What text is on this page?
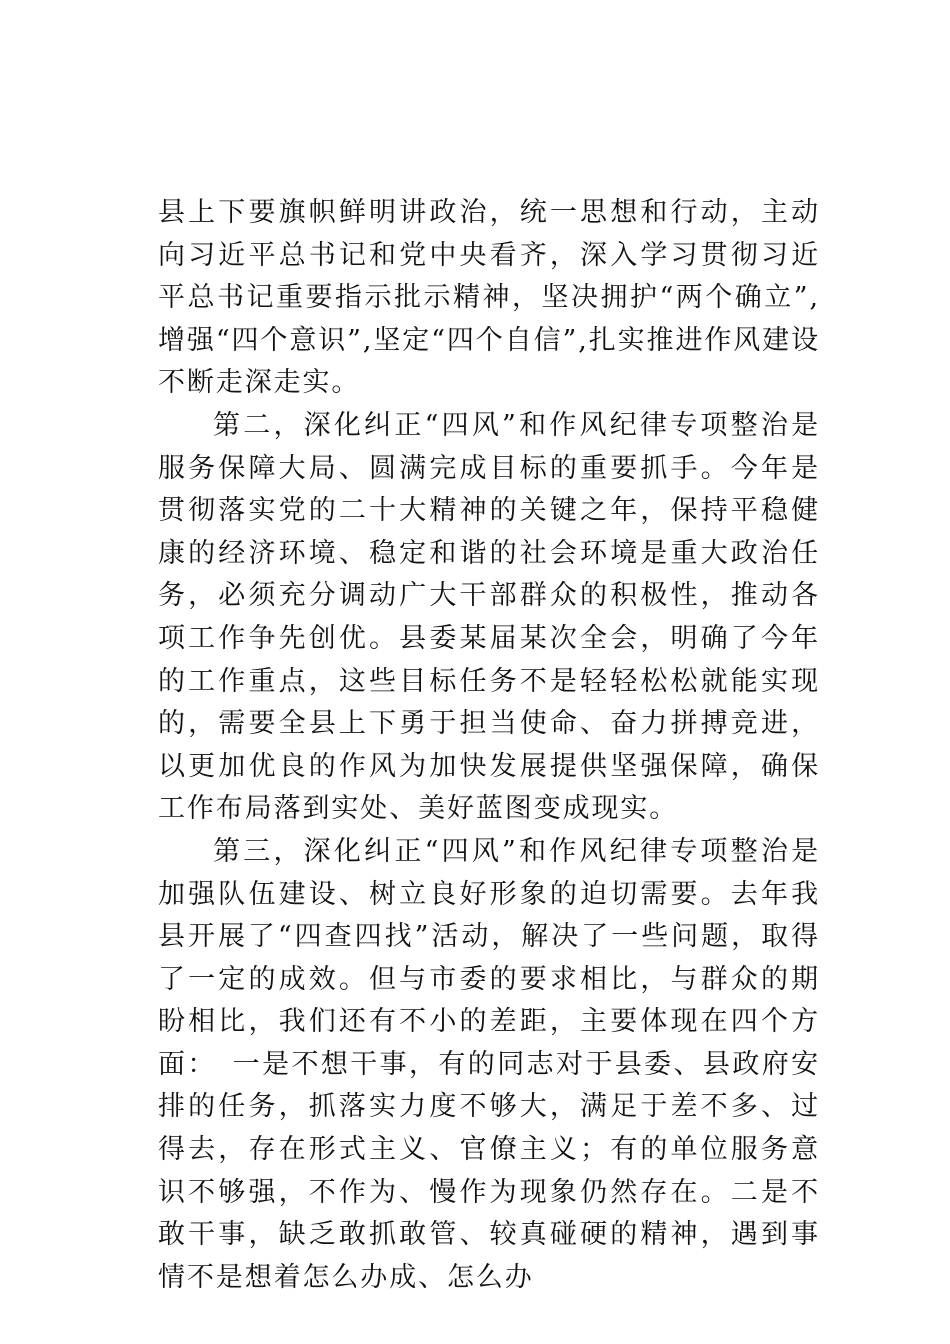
县上下要旗帜鲜明讲政治，统一思想和行动，主动向习近平总书记和党中央看齐，深入学习贯彻习近平总书记重要指示批示精神，坚决拥护“两个确立”,增强“四个意识”,坚定“四个自信”,扎实推进作风建设不断走深走实。

第二，深化纠正“四风”和作风纪律专项整治是服务保障大局、圆满完成目标的重要抓手。今年是贯彻落实党的二十大精神的关键之年，保持平稳健康的经济环境、稳定和谐的社会环境是重大政治任务，必须充分调动广大干部群众的积极性，推动各项工作争先创优。县委某届某次全会，明确了今年的工作重点，这些目标任务不是轻轻松松就能实现的，需要全县上下勇于担当使命、奋力拼搏竞进，以更加优良的作风为加快发展提供坚强保障，确保工作布局落到实处、美好蓝图变成现实。

第三，深化纠正“四风”和作风纪律专项整治是加强队伍建设、树立良好形象的迫切需要。去年我县开展了“四查四找”活动，解决了一些问题，取得了一定的成效。但与市委的要求相比，与群众的期盼相比，我们还有不小的差距，主要体现在四个方面：　一是不想干事，有的同志对于县委、县政府安排的任务，抓落实力度不够大，满足于差不多、过得去，存在形式主义、官僚主义；有的单位服务意识不够强，不作为、慢作为现象仍然存在。二是不敢干事，缺乏敢抓敢管、较真碰硬的精神，遇到事情不是想着怎么办成、怎么办
